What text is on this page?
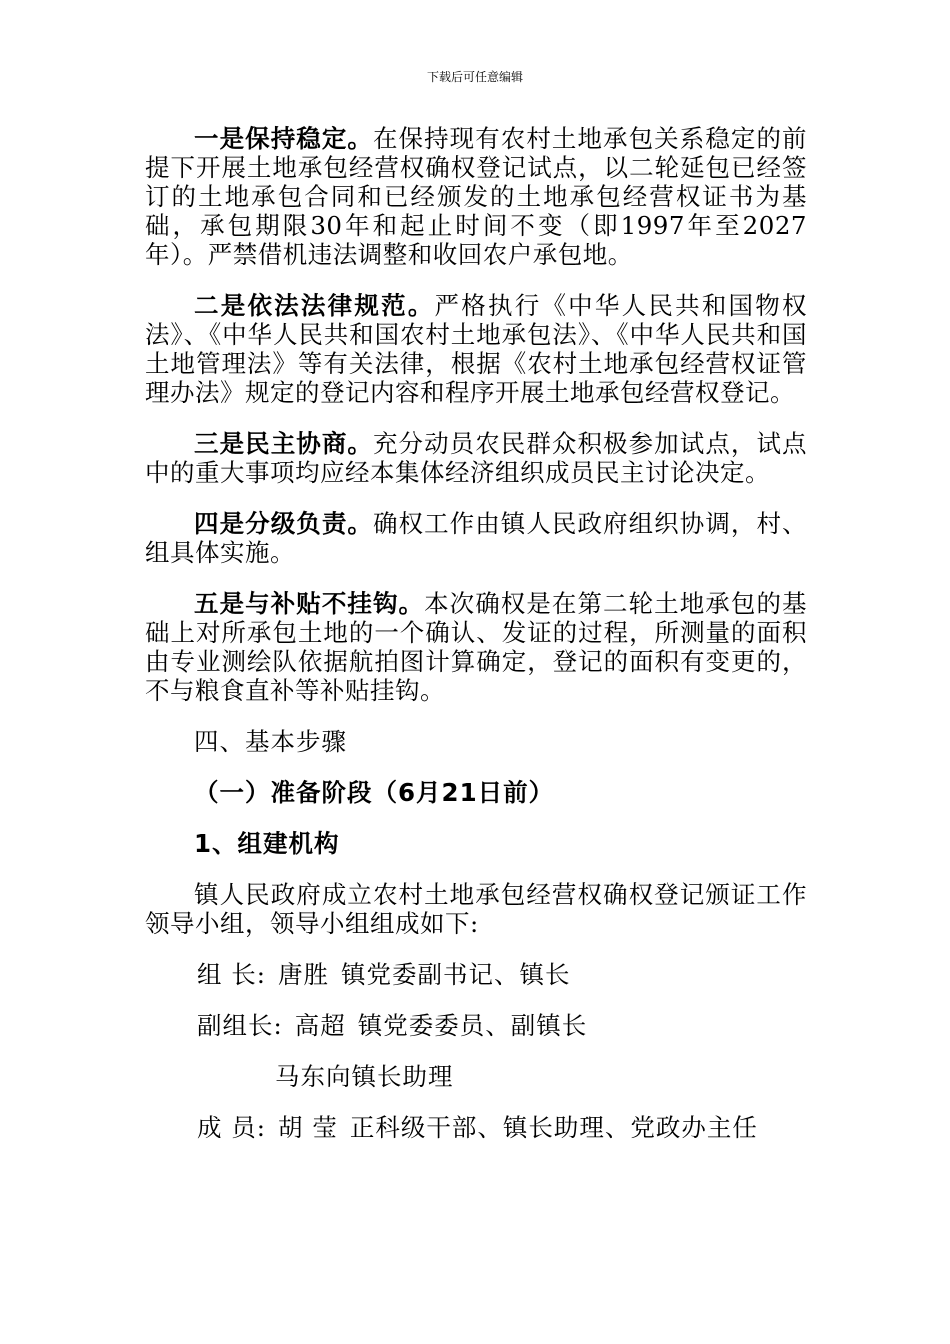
下载后可任意编辑

一是保持稳定。在保持现有农村土地承包关系稳定的前提下开展土地承包经营权确权登记试点，以二轮延包已经签订的土地承包合同和已经颁发的土地承包经营权证书为基础，承包期限30年和起止时间不变（即1997年至2027年）。严禁借机违法调整和收回农户承包地。

二是依法法律规范。严格执行《中华人民共和国物权法》、《中华人民共和国农村土地承包法》、《中华人民共和国土地管理法》等有关法律，根据《农村土地承包经营权证管理办法》规定的登记内容和程序开展土地承包经营权登记。

三是民主协商。充分动员农民群众积极参加试点，试点中的重大事项均应经本集体经济组织成员民主讨论决定。

四是分级负责。确权工作由镇人民政府组织协调，村、组具体实施。

五是与补贴不挂钩。本次确权是在第二轮土地承包的基础上对所承包土地的一个确认、发证的过程，所测量的面积由专业测绘队依据航拍图计算确定，登记的面积有变更的，不与粮食直补等补贴挂钩。

四、基本步骤

（一）准备阶段（6月21日前）

1、组建机构

镇人民政府成立农村土地承包经营权确权登记颁证工作领导小组，领导小组组成如下:

组 长: 唐胜 镇党委副书记、镇长
副组长: 高超 镇党委委员、副镇长
马东向镇长助理
成 员: 胡 莹 正科级干部、镇长助理、党政办主任
